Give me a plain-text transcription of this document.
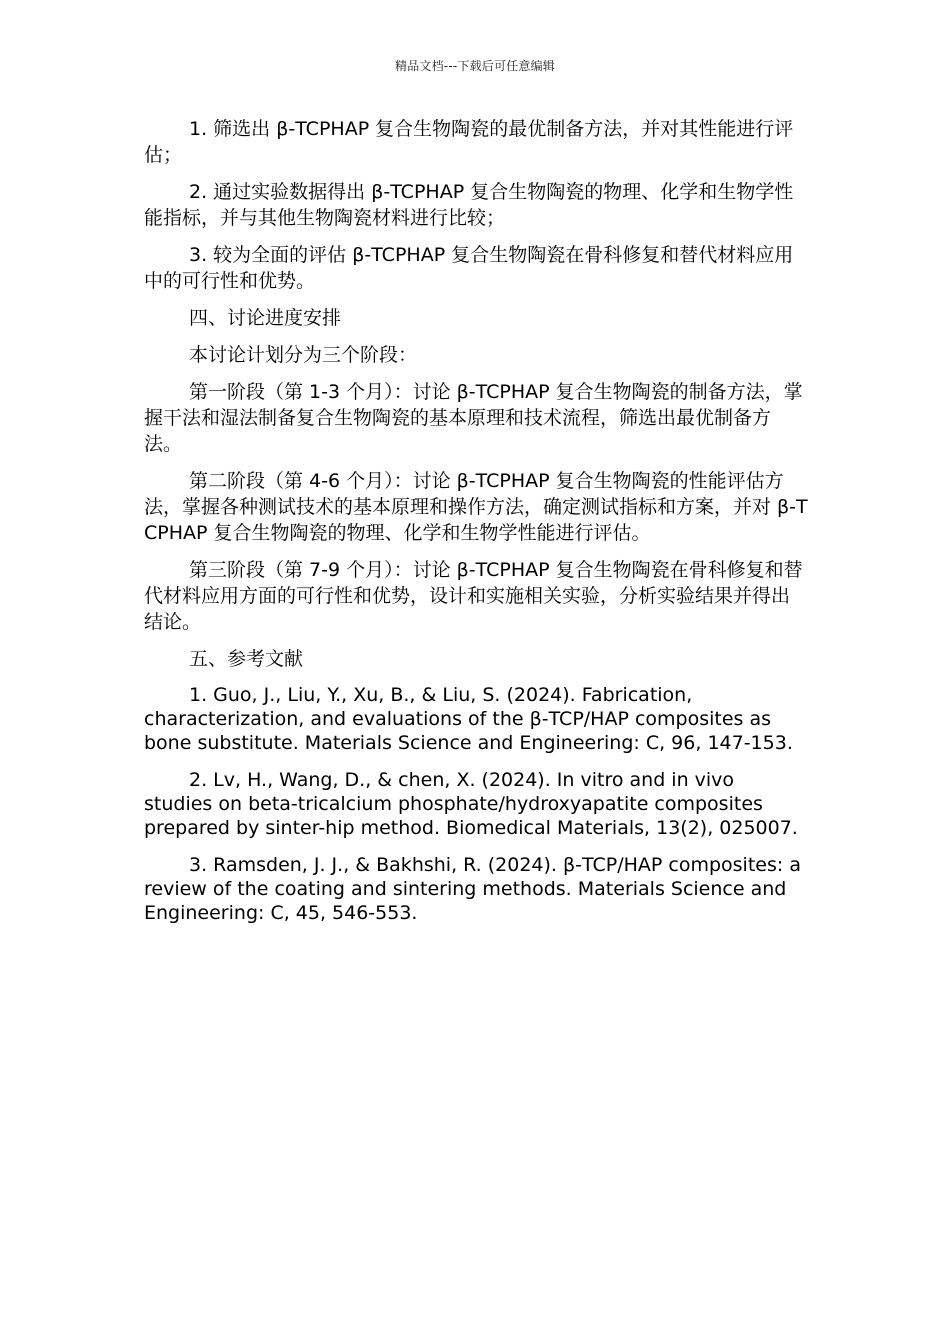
精品文档---下载后可任意编辑

1. 筛选出 β-TCPHAP 复合生物陶瓷的最优制备方法，并对其性能进行评估；

2. 通过实验数据得出 β-TCPHAP 复合生物陶瓷的物理、化学和生物学性能指标，并与其他生物陶瓷材料进行比较；

3. 较为全面的评估 β-TCPHAP 复合生物陶瓷在骨科修复和替代材料应用中的可行性和优势。

四、讨论进度安排

本讨论计划分为三个阶段：

第一阶段（第 1-3 个月）：讨论 β-TCPHAP 复合生物陶瓷的制备方法，掌握干法和湿法制备复合生物陶瓷的基本原理和技术流程，筛选出最优制备方法。

第二阶段（第 4-6 个月）：讨论 β-TCPHAP 复合生物陶瓷的性能评估方法，掌握各种测试技术的基本原理和操作方法，确定测试指标和方案，并对 β-TCPHAP 复合生物陶瓷的物理、化学和生物学性能进行评估。

第三阶段（第 7-9 个月）：讨论 β-TCPHAP 复合生物陶瓷在骨科修复和替代材料应用方面的可行性和优势，设计和实施相关实验，分析实验结果并得出结论。

五、参考文献

1. Guo, J., Liu, Y., Xu, B., & Liu, S. (2024). Fabrication, characterization, and evaluations of the β-TCP/HAP composites as bone substitute. Materials Science and Engineering: C, 96, 147-153.

2. Lv, H., Wang, D., & chen, X. (2024). In vitro and in vivo studies on beta-tricalcium phosphate/hydroxyapatite composites prepared by sinter-hip method. Biomedical Materials, 13(2), 025007.

3. Ramsden, J. J., & Bakhshi, R. (2024). β-TCP/HAP composites: a review of the coating and sintering methods. Materials Science and Engineering: C, 45, 546-553.
